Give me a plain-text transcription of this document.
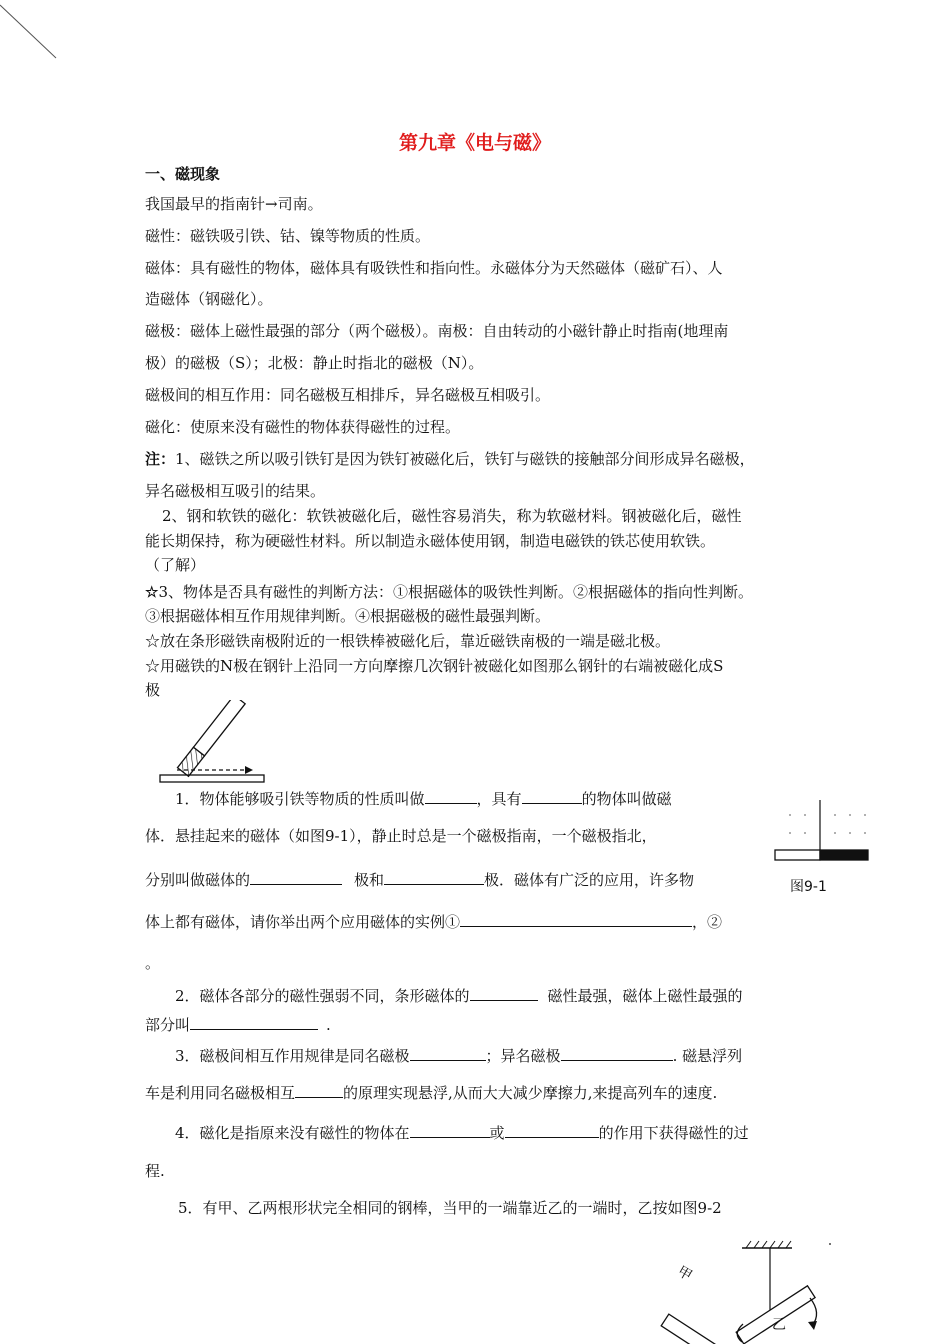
第九章《电与磁》
一、磁现象
我国最早的指南针→司南。
磁性：磁铁吸引铁、钴、镍等物质的性质。
磁体：具有磁性的物体，磁体具有吸铁性和指向性。永磁体分为天然磁体（磁矿石）、人
造磁体（钢磁化）。
磁极：磁体上磁性最强的部分（两个磁极）。南极：自由转动的小磁针静止时指南(地理南
极）的磁极（S）；北极：静止时指北的磁极（N）。
磁极间的相互作用：同名磁极互相排斥，异名磁极互相吸引。
磁化：使原来没有磁性的物体获得磁性的过程。
注：1、磁铁之所以吸引铁钉是因为铁钉被磁化后，铁钉与磁铁的接触部分间形成异名磁极，
异名磁极相互吸引的结果。
2、钢和软铁的磁化：软铁被磁化后，磁性容易消失，称为软磁材料。钢被磁化后，磁性
能长期保持，称为硬磁性材料。所以制造永磁体使用钢，制造电磁铁的铁芯使用软铁。
（了解）
☆3、物体是否具有磁性的判断方法：①根据磁体的吸铁性判断。②根据磁体的指向性判断。
③根据磁体相互作用规律判断。④根据磁极的磁性最强判断。
☆放在条形磁铁南极附近的一根铁棒被磁化后，靠近磁铁南极的一端是磁北极。
☆用磁铁的N极在钢针上沿同一方向摩擦几次钢针被磁化如图那么钢针的右端被磁化成S
极
1．物体能够吸引铁等物质的性质叫做	，具有	的物体叫做磁
体．悬挂起来的磁体（如图9-1），静止时总是一个磁极指南，一个磁极指北，
分别叫做磁体的	极和	极．磁体有广泛的应用，许多物
体上都有磁体，请你举出两个应用磁体的实例①	，②
。
图9-1
2．磁体各部分的磁性强弱不同，条形磁体的	磁性最强，磁体上磁性最强的
部分叫	.
3．磁极间相互作用规律是同名磁极	；异名磁极	. 磁悬浮列
车是利用同名磁极相互	的原理实现悬浮,从而大大减少摩擦力,来提高列车的速度.
4．磁化是指原来没有磁性的物体在	或	的作用下获得磁性的过
程.
5．有甲、乙两根形状完全相同的钢棒，当甲的一端靠近乙的一端时，乙按如图9-2
甲
乙
